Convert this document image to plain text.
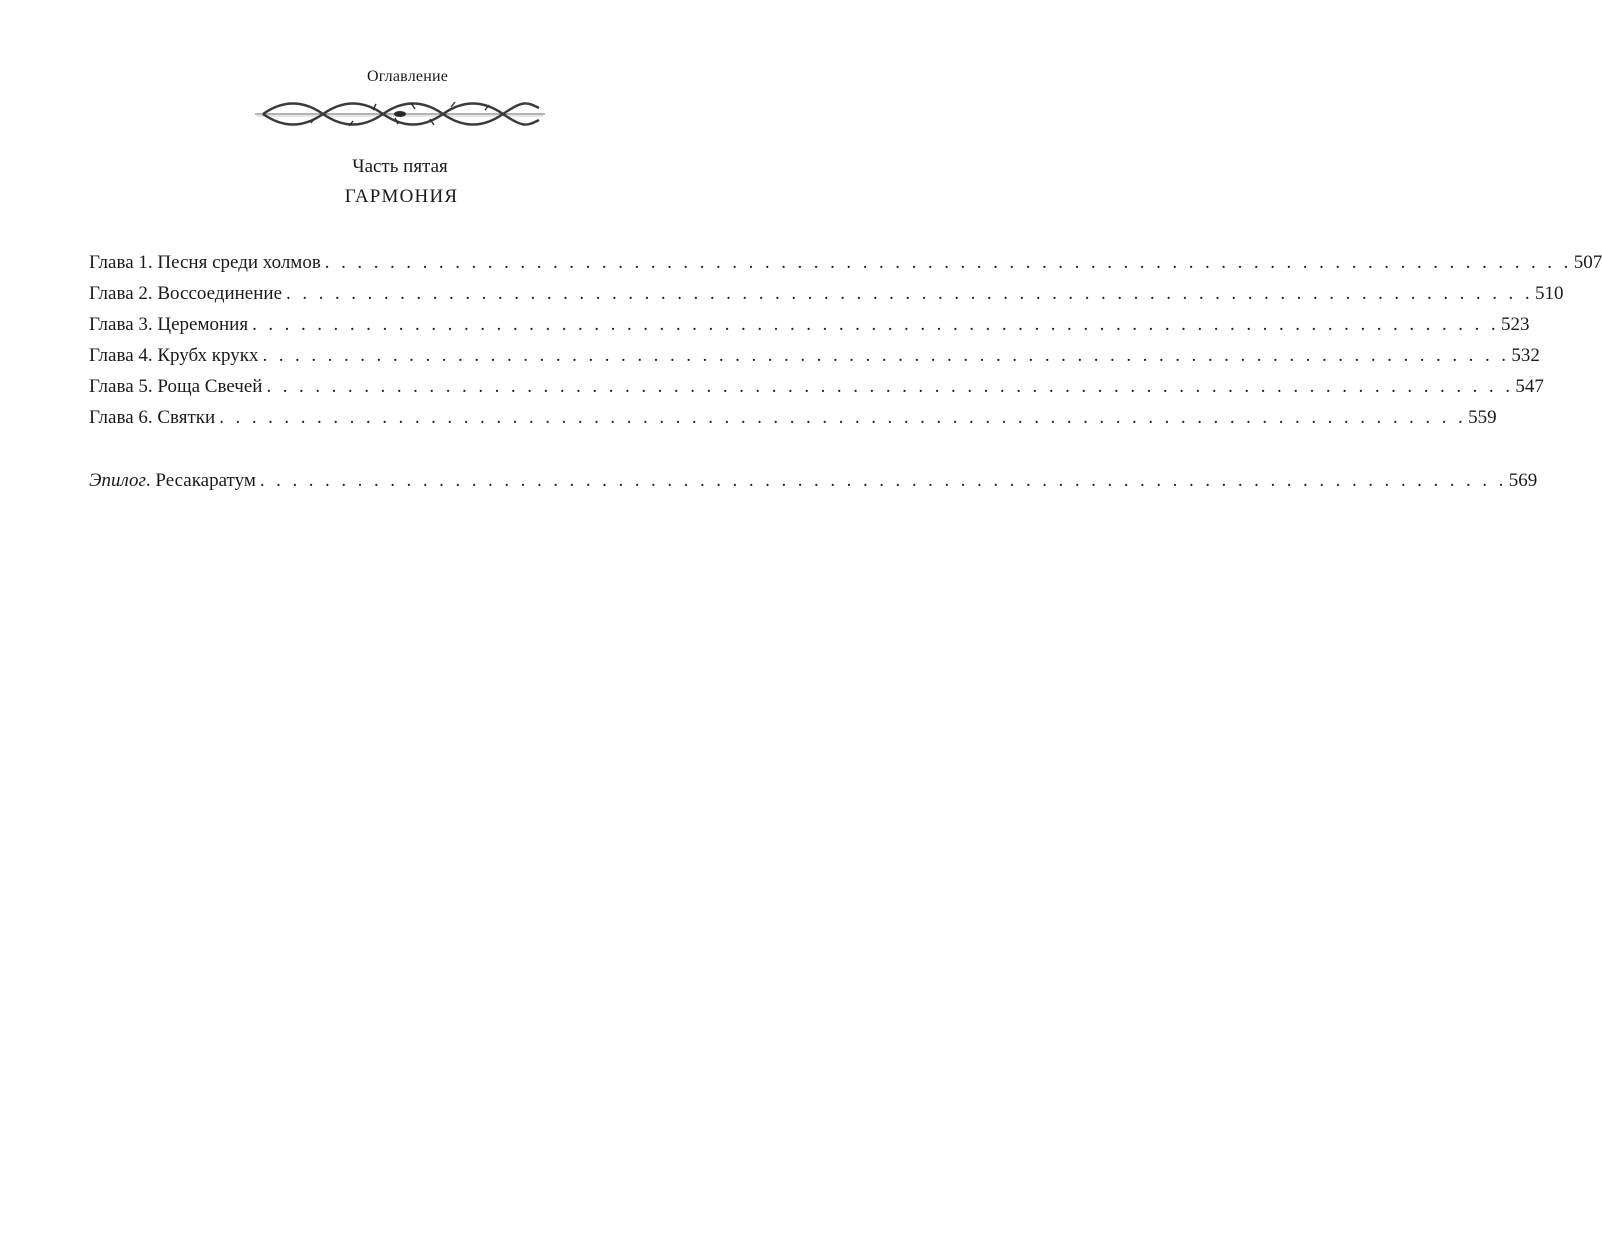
Оглавление
Часть пятая
ГАРМОНИЯ
Глава 1. Песня среди холмов . . . . . . . . . . . . . . . . . . . . . . . . . . . . . . . . . . . . . . . . . . . . . . . . . . . . . . . . . . . . . . . . . . . . . . . . . . . . . 507
Глава 2. Воссоединение . . . . . . . . . . . . . . . . . . . . . . . . . . . . . . . . . . . . . . . . . . . . . . . . . . . . . . . . . . . . . . . . . . . . . . . . . . . . . 510
Глава 3. Церемония . . . . . . . . . . . . . . . . . . . . . . . . . . . . . . . . . . . . . . . . . . . . . . . . . . . . . . . . . . . . . . . . . . . . . . . . . . . . . 523
Глава 4. Крубх крукх . . . . . . . . . . . . . . . . . . . . . . . . . . . . . . . . . . . . . . . . . . . . . . . . . . . . . . . . . . . . . . . . . . . . . . . . . . . . . 532
Глава 5. Роща Свечей . . . . . . . . . . . . . . . . . . . . . . . . . . . . . . . . . . . . . . . . . . . . . . . . . . . . . . . . . . . . . . . . . . . . . . . . . . . . . 547
Глава 6. Святки . . . . . . . . . . . . . . . . . . . . . . . . . . . . . . . . . . . . . . . . . . . . . . . . . . . . . . . . . . . . . . . . . . . . . . . . . . . . . 559
Эпилог. Ресакаратум . . . . . . . . . . . . . . . . . . . . . . . . . . . . . . . . . . . . . . . . . . . . . . . . . . . . . . . . . . . . . . . . . . . . . . . . . . . . . 569
